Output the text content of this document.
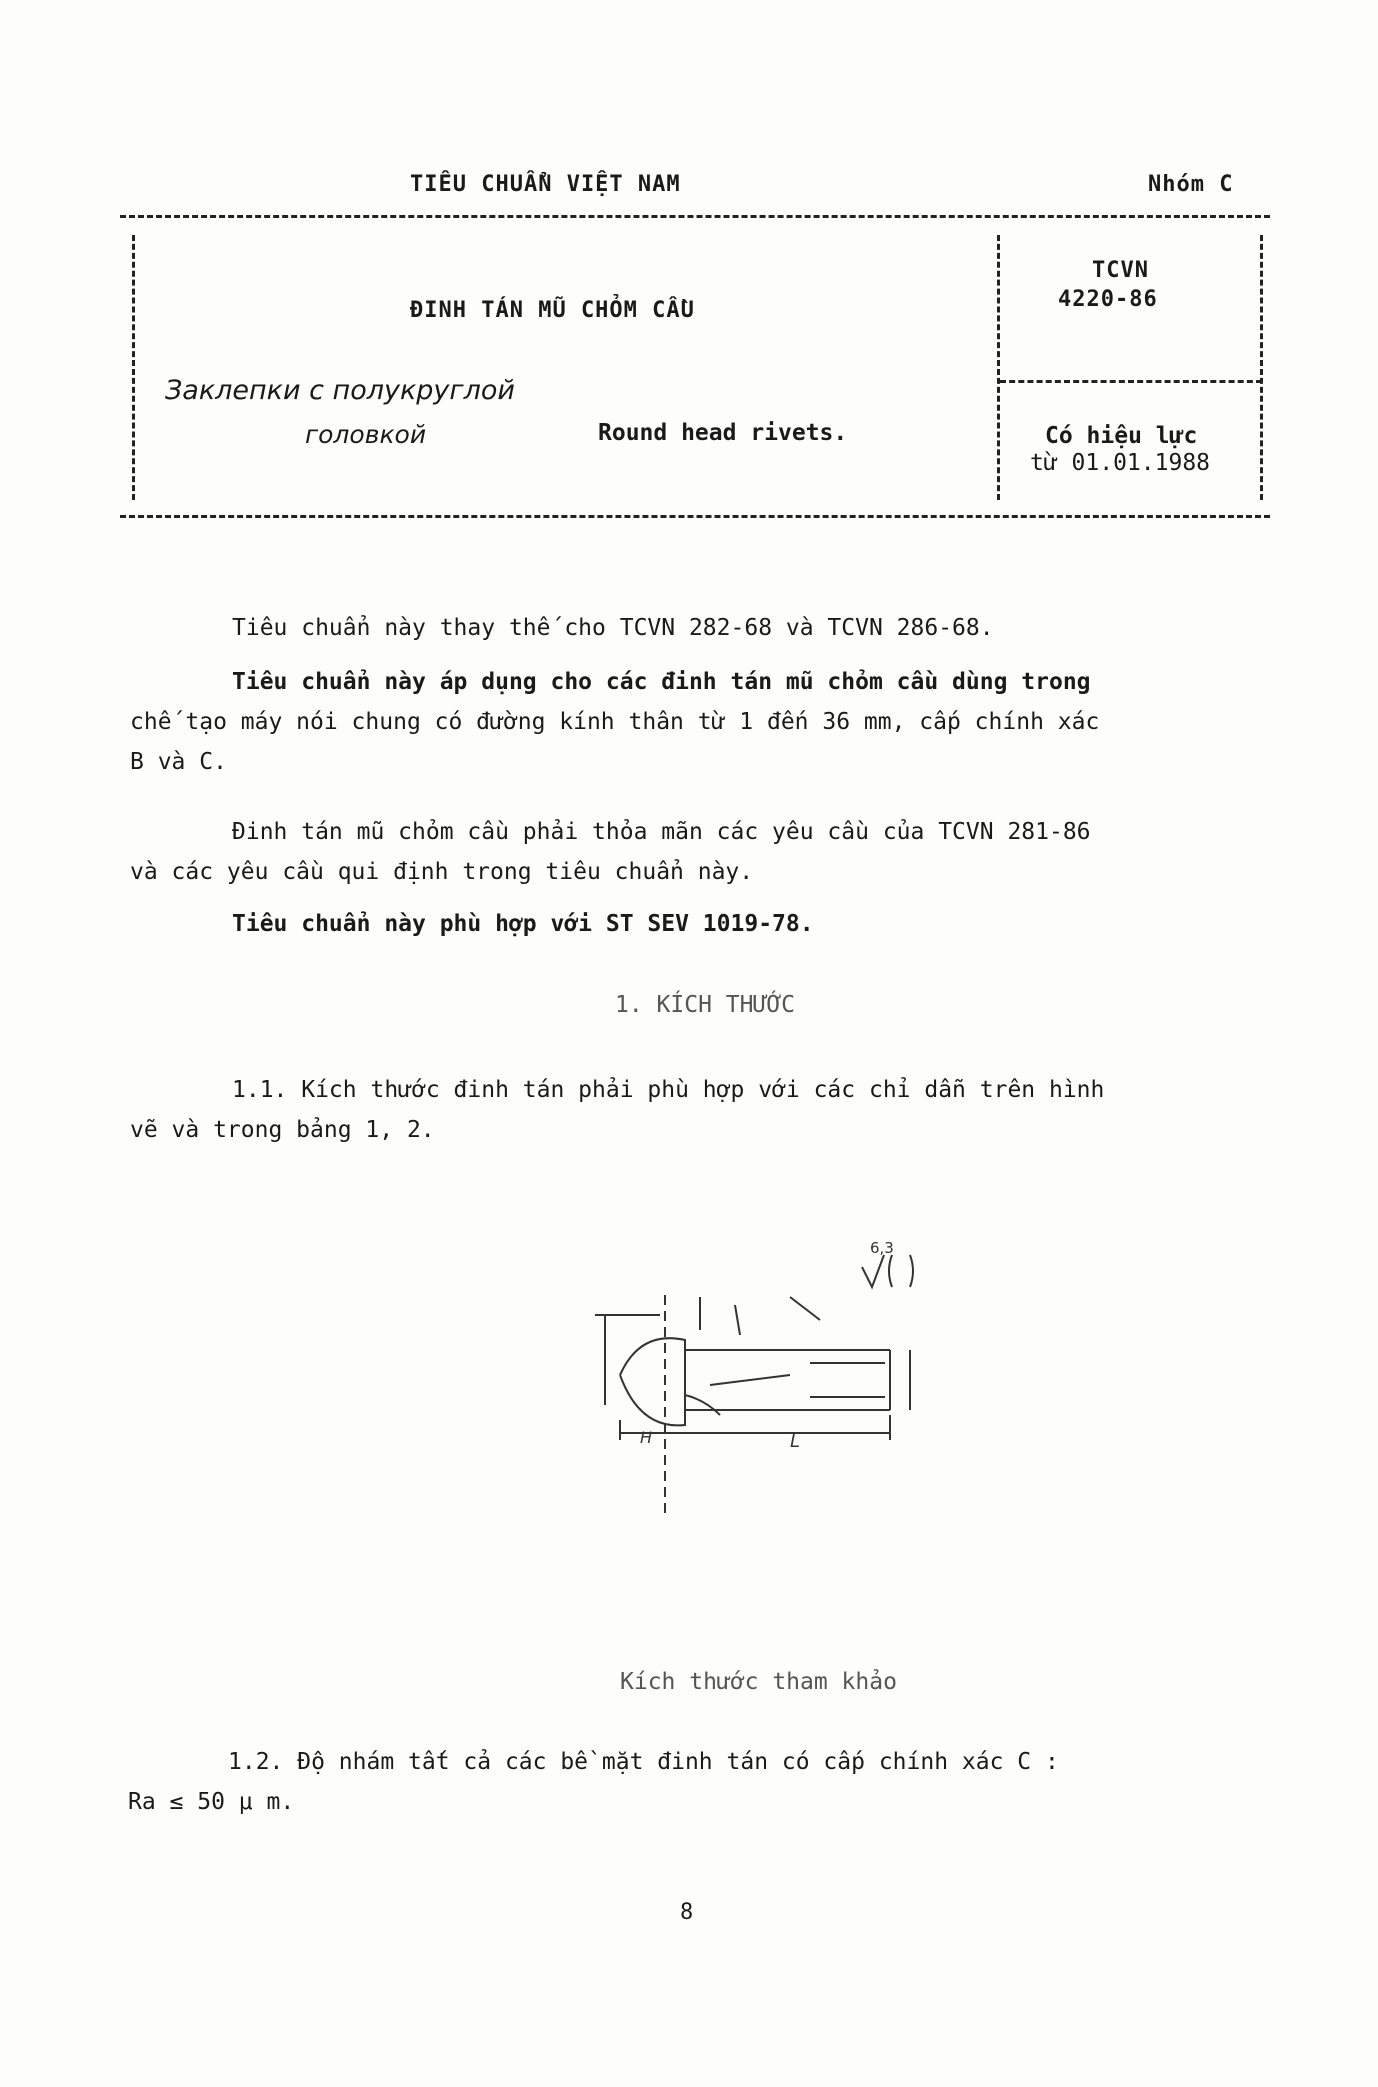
TIÊU CHUẨN VIỆT NAM	Nhóm C
ĐINH TÁN MŨ CHỎM CẦU
Заклепки с полукруглой
головкой	Round head rivets.
TCVN
4220-86
Có hiệu lực
từ 01.01.1988
Tiêu chuẩn này thay thế cho TCVN 282-68 và TCVN 286-68.
Tiêu chuẩn này áp dụng cho các đinh tán mũ chỏm cầu dùng trong
chế tạo máy nói chung có đường kính thân từ 1 đến 36 mm, cấp chính xác
B và C.
Đinh tán mũ chỏm cầu phải thỏa mãn các yêu cầu của TCVN 281-86
và các yêu cầu qui định trong tiêu chuẩn này.
Tiêu chuẩn này phù hợp với ST SEV 1019-78.
1. KÍCH THƯỚC
1.1. Kích thước đinh tán phải phù hợp với các chỉ dẫn trên hình
vẽ và trong bảng 1, 2.
6,3
H	L
Kích thước tham khảo
1.2. Độ nhám tất cả các bề mặt đinh tán có cấp chính xác C :
Ra ≤ 50 μ m.
8
